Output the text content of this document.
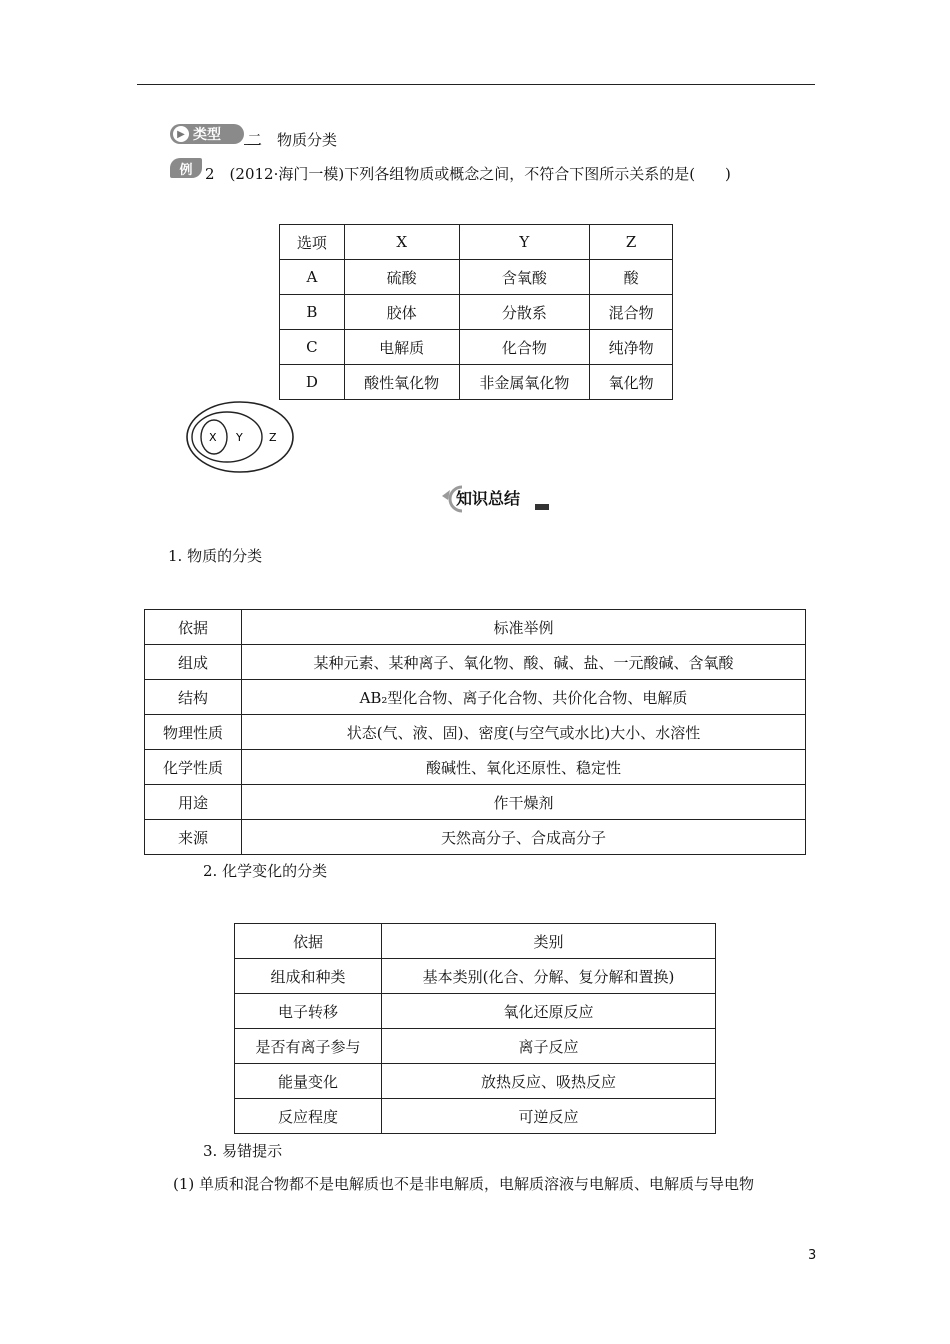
▶ 类型 二 物质分类
例 2　(2012·海门一模)下列各组物质或概念之间，不符合下图所示关系的是(　　)
选项	X	Y	Z
A	硫酸	含氧酸	酸
B	胶体	分散系	混合物
C	电解质	化合物	纯净物
D	酸性氧化物	非金属氧化物	氧化物
X Y Z
知识总结
1. 物质的分类
依据	标准举例
组成	某种元素、某种离子、氧化物、酸、碱、盐、一元酸碱、含氧酸
结构	AB₂型化合物、离子化合物、共价化合物、电解质
物理性质	状态(气、液、固)、密度(与空气或水比)大小、水溶性
化学性质	酸碱性、氧化还原性、稳定性
用途	作干燥剂
来源	天然高分子、合成高分子
2. 化学变化的分类
依据	类别
组成和种类	基本类别(化合、分解、复分解和置换)
电子转移	氧化还原反应
是否有离子参与	离子反应
能量变化	放热反应、吸热反应
反应程度	可逆反应
3. 易错提示
(1) 单质和混合物都不是电解质也不是非电解质，电解质溶液与电解质、电解质与导电物
3
